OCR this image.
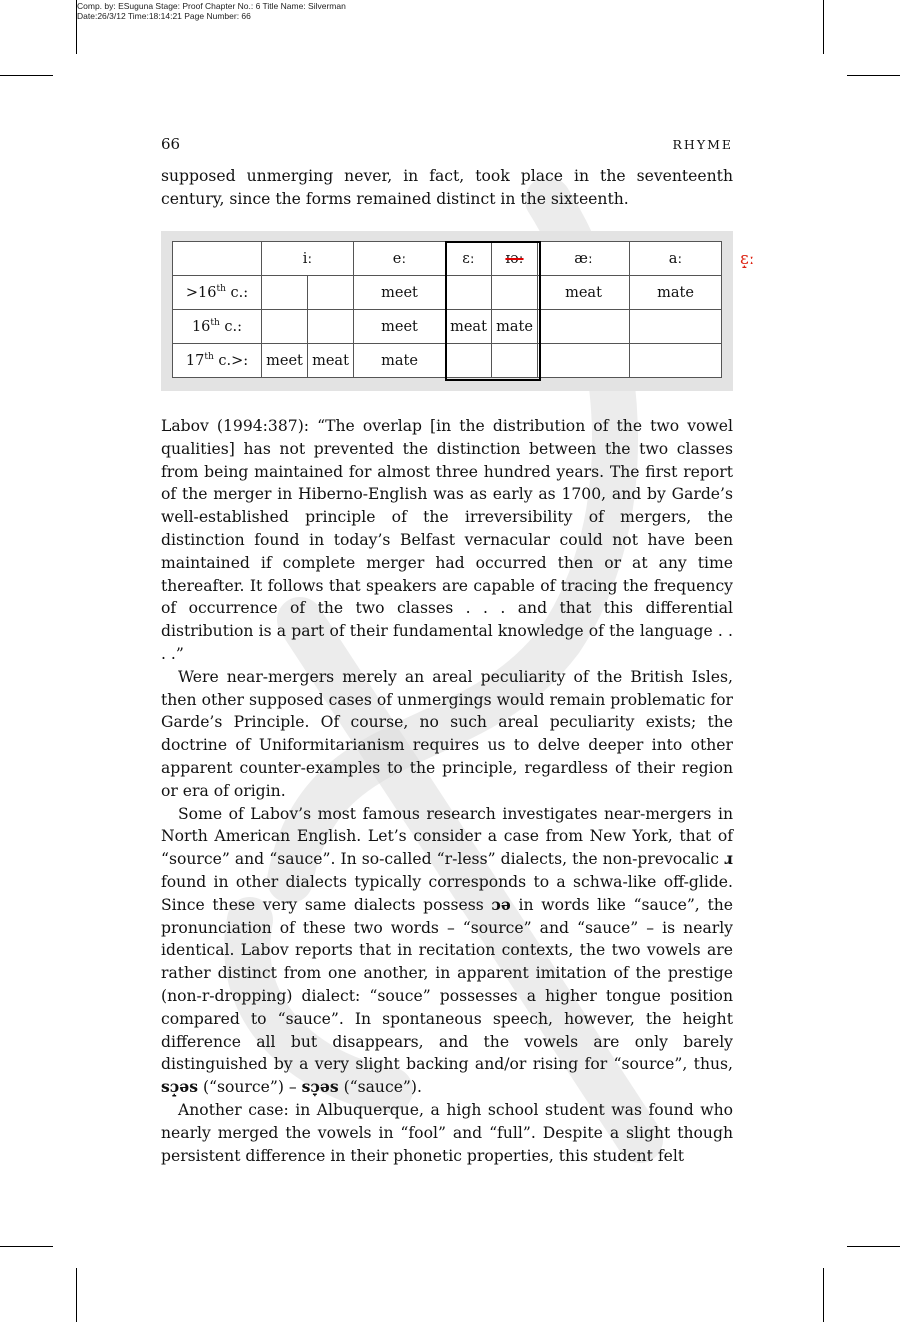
Comp. by: ESuguna Stage: Proof Chapter No.: 6 Title Name: Silverman
Date:26/3/12 Time:18:14:21 Page Number: 66
66	RHYME

supposed unmerging never, in fact, took place in the seventeenth century, since the forms remained distinct in the sixteenth.

	iː		eː	ɛː	ɪəː	æː	aː
>16th c.:			meet			meat	mate
16th c.:			meet	meat	mate		
17th c.>:	meet	meat	mate				
ɛ̝ː

Labov (1994:387): “The overlap [in the distribution of the two vowel qualities] has not prevented the distinction between the two classes from being maintained for almost three hundred years. The first report of the merger in Hiberno-English was as early as 1700, and by Garde’s well-established principle of the irreversibility of mergers, the distinction found in today’s Belfast vernacular could not have been maintained if complete merger had occurred then or at any time thereafter. It follows that speakers are capable of tracing the frequency of occurrence of the two classes . . . and that this differential distribution is a part of their fundamental knowledge of the language . . . .”

Were near-mergers merely an areal peculiarity of the British Isles, then other supposed cases of unmergings would remain problematic for Garde’s Principle. Of course, no such areal peculiarity exists; the doctrine of Uniformitarianism requires us to delve deeper into other apparent counter-examples to the principle, regardless of their region or era of origin.

Some of Labov’s most famous research investigates near-mergers in North American English. Let’s consider a case from New York, that of “source” and “sauce”. In so-called “r-less” dialects, the non-prevocalic ɹ found in other dialects typically corresponds to a schwa-like off-glide. Since these very same dialects possess ɔə in words like “sauce”, the pronunciation of these two words – “source” and “sauce” – is nearly identical. Labov reports that in recitation contexts, the two vowels are rather distinct from one another, in apparent imitation of the prestige (non-r-dropping) dialect: “souce” possesses a higher tongue position compared to “sauce”. In spontaneous speech, however, the height difference all but disappears, and the vowels are only barely distinguished by a very slight backing and/or rising for “source”, thus, sɔ̝əs (“source”) – sɔ̞əs (“sauce”).

Another case: in Albuquerque, a high school student was found who nearly merged the vowels in “fool” and “full”. Despite a slight though persistent difference in their phonetic properties, this student felt
